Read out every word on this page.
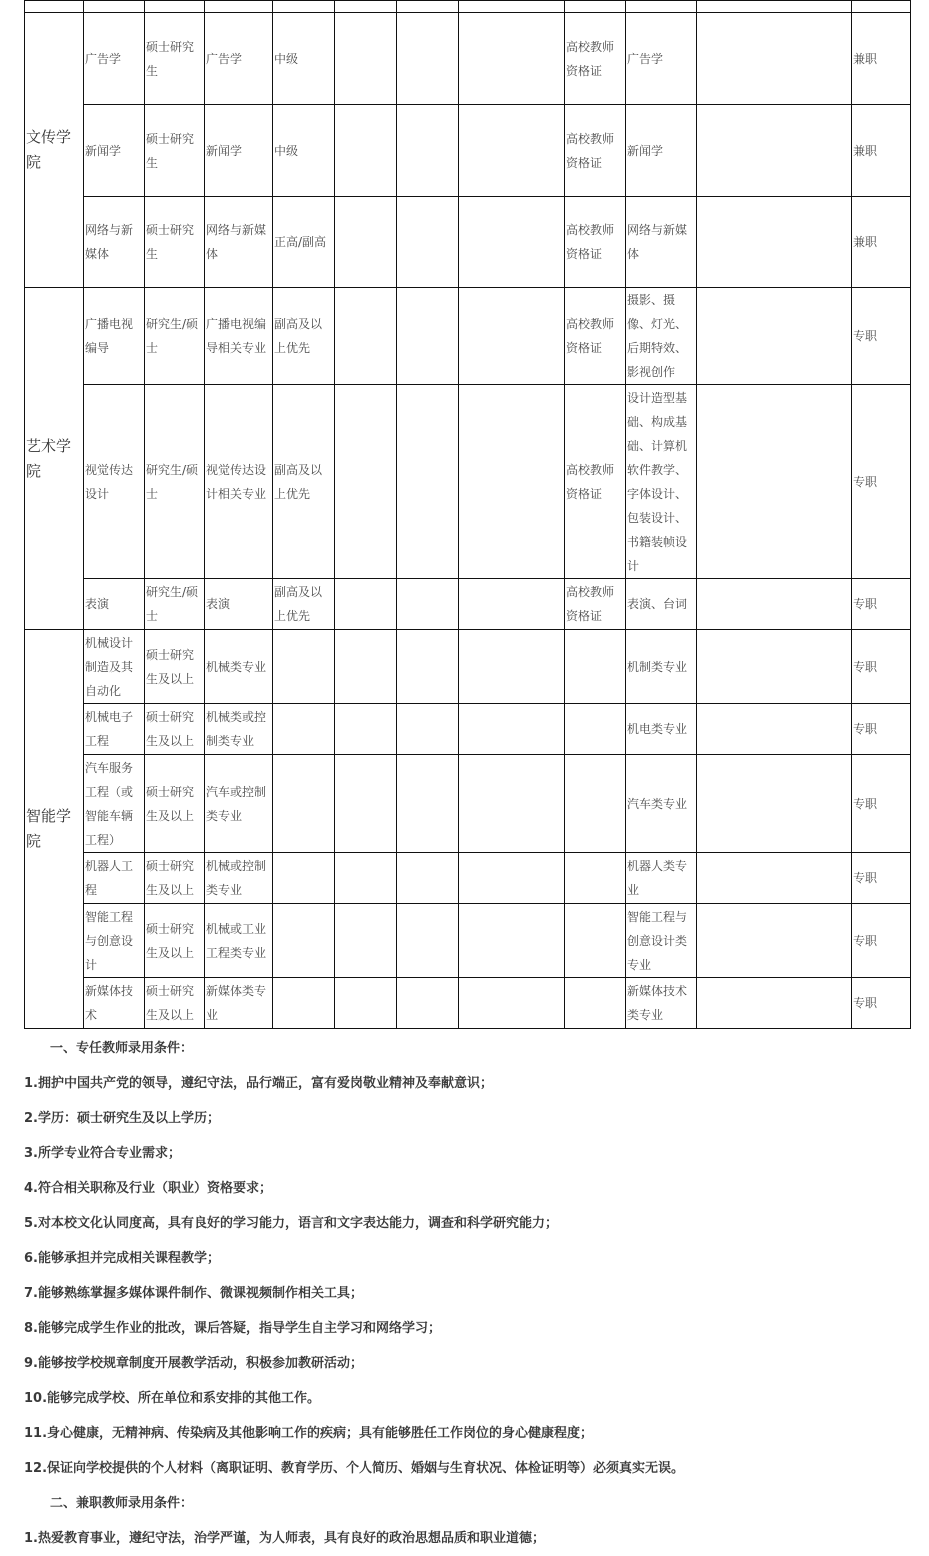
文传学院	广告学	硕士研究生	广告学	中级				高校教师资格证	广告学		兼职
	新闻学	硕士研究生	新闻学	中级				高校教师资格证	新闻学		兼职
	网络与新媒体	硕士研究生	网络与新媒体	正高/副高				高校教师资格证	网络与新媒体		兼职
艺术学院	广播电视编导	研究生/硕士	广播电视编导相关专业	副高及以上优先				高校教师资格证	摄影、摄像、灯光、后期特效、影视创作		专职
	视觉传达设计	研究生/硕士	视觉传达设计相关专业	副高及以上优先				高校教师资格证	设计造型基础、构成基础、计算机软件教学、字体设计、包装设计、书籍装帧设计		专职
	表演	研究生/硕士	表演	副高及以上优先				高校教师资格证	表演、台词		专职
智能学院	机械设计制造及其自动化	硕士研究生及以上	机械类专业						机制类专业		专职
	机械电子工程	硕士研究生及以上	机械类或控制类专业						机电类专业		专职
	汽车服务工程（或智能车辆工程）	硕士研究生及以上	汽车或控制类专业						汽车类专业		专职
	机器人工程	硕士研究生及以上	机械或控制类专业						机器人类专业		专职
	智能工程与创意设计	硕士研究生及以上	机械或工业工程类专业						智能工程与创意设计类专业		专职
	新媒体技术	硕士研究生及以上	新媒体类专业						新媒体技术类专业		专职

一、专任教师录用条件：

1.拥护中国共产党的领导，遵纪守法，品行端正，富有爱岗敬业精神及奉献意识；

2.学历：硕士研究生及以上学历；

3.所学专业符合专业需求；

4.符合相关职称及行业（职业）资格要求；

5.对本校文化认同度高，具有良好的学习能力，语言和文字表达能力，调查和科学研究能力；

6.能够承担并完成相关课程教学；

7.能够熟练掌握多媒体课件制作、微课视频制作相关工具；

8.能够完成学生作业的批改，课后答疑，指导学生自主学习和网络学习；

9.能够按学校规章制度开展教学活动，积极参加教研活动；

10.能够完成学校、所在单位和系安排的其他工作。

11.身心健康，无精神病、传染病及其他影响工作的疾病；具有能够胜任工作岗位的身心健康程度；

12.保证向学校提供的个人材料（离职证明、教育学历、个人简历、婚姻与生育状况、体检证明等）必须真实无误。

二、兼职教师录用条件：

1.热爱教育事业，遵纪守法，治学严谨，为人师表，具有良好的政治思想品质和职业道德；
